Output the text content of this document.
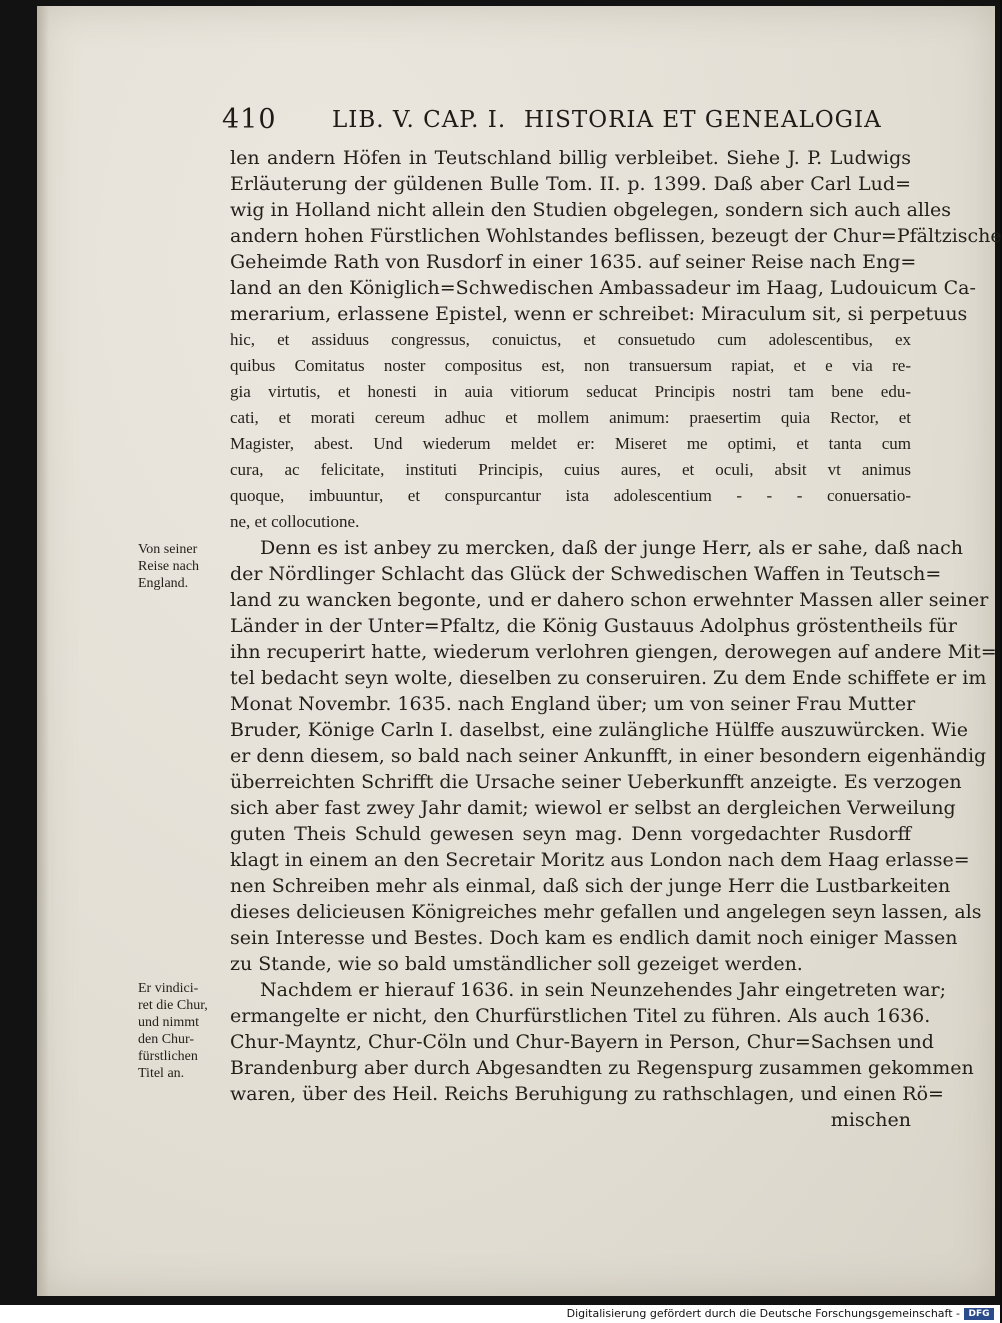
410 LIB. V. CAP. I. HISTORIA ET GENEALOGIA
Von seiner
Reise nach
England.
Er vindici-
ret die Chur,
und nimmt
den Chur-
fürstlichen
Titel an.
len andern Höfen in Teutschland billig verbleibet. Siehe J. P. Ludwigs
Erläuterung der güldenen Bulle Tom. II. p. 1399. Daß aber Carl Lud=
wig in Holland nicht allein den Studien obgelegen, sondern sich auch alles
andern hohen Fürstlichen Wohlstandes beflissen, bezeugt der Chur=Pfältzische
Geheimde Rath von Rusdorf in einer 1635. auf seiner Reise nach Eng=
land an den Königlich=Schwedischen Ambassadeur im Haag, Ludouicum Ca-
merarium, erlassene Epistel, wenn er schreibet: Miraculum sit, si perpetuus
hic, et assiduus congressus, conuictus, et consuetudo cum adolescentibus, ex
quibus Comitatus noster compositus est, non transuersum rapiat, et e via re-
gia virtutis, et honesti in auia vitiorum seducat Principis nostri tam bene edu-
cati, et morati cereum adhuc et mollem animum: praesertim quia Rector, et
Magister, abest. Und wiederum meldet er: Miseret me optimi, et tanta cum
cura, ac felicitate, instituti Principis, cuius aures, et oculi, absit vt animus
quoque, imbuuntur, et conspurcantur ista adolescentium - - - conuersatio-
ne, et collocutione.
Denn es ist anbey zu mercken, daß der junge Herr, als er sahe, daß nach
der Nördlinger Schlacht das Glück der Schwedischen Waffen in Teutsch=
land zu wancken begonte, und er dahero schon erwehnter Massen aller seiner
Länder in der Unter=Pfaltz, die König Gustauus Adolphus gröstentheils für
ihn recuperirt hatte, wiederum verlohren giengen, derowegen auf andere Mit=
tel bedacht seyn wolte, dieselben zu conseruiren. Zu dem Ende schiffete er im
Monat Novembr. 1635. nach England über; um von seiner Frau Mutter
Bruder, Könige Carln I. daselbst, eine zulängliche Hülffe auszuwürcken. Wie
er denn diesem, so bald nach seiner Ankunfft, in einer besondern eigenhändig
überreichten Schrifft die Ursache seiner Ueberkunfft anzeigte. Es verzogen
sich aber fast zwey Jahr damit; wiewol er selbst an dergleichen Verweilung
guten Theis Schuld gewesen seyn mag. Denn vorgedachter Rusdorff
klagt in einem an den Secretair Moritz aus London nach dem Haag erlasse=
nen Schreiben mehr als einmal, daß sich der junge Herr die Lustbarkeiten
dieses delicieusen Königreiches mehr gefallen und angelegen seyn lassen, als
sein Interesse und Bestes. Doch kam es endlich damit noch einiger Massen
zu Stande, wie so bald umständlicher soll gezeiget werden.
Nachdem er hierauf 1636. in sein Neunzehendes Jahr eingetreten war;
ermangelte er nicht, den Churfürstlichen Titel zu führen. Als auch 1636.
Chur-Mayntz, Chur-Cöln und Chur-Bayern in Person, Chur=Sachsen und
Brandenburg aber durch Abgesandten zu Regenspurg zusammen gekommen
waren, über des Heil. Reichs Beruhigung zu rathschlagen, und einen Rö=
mischen
Digitalisierung gefördert durch die Deutsche Forschungsgemeinschaft - DFG
